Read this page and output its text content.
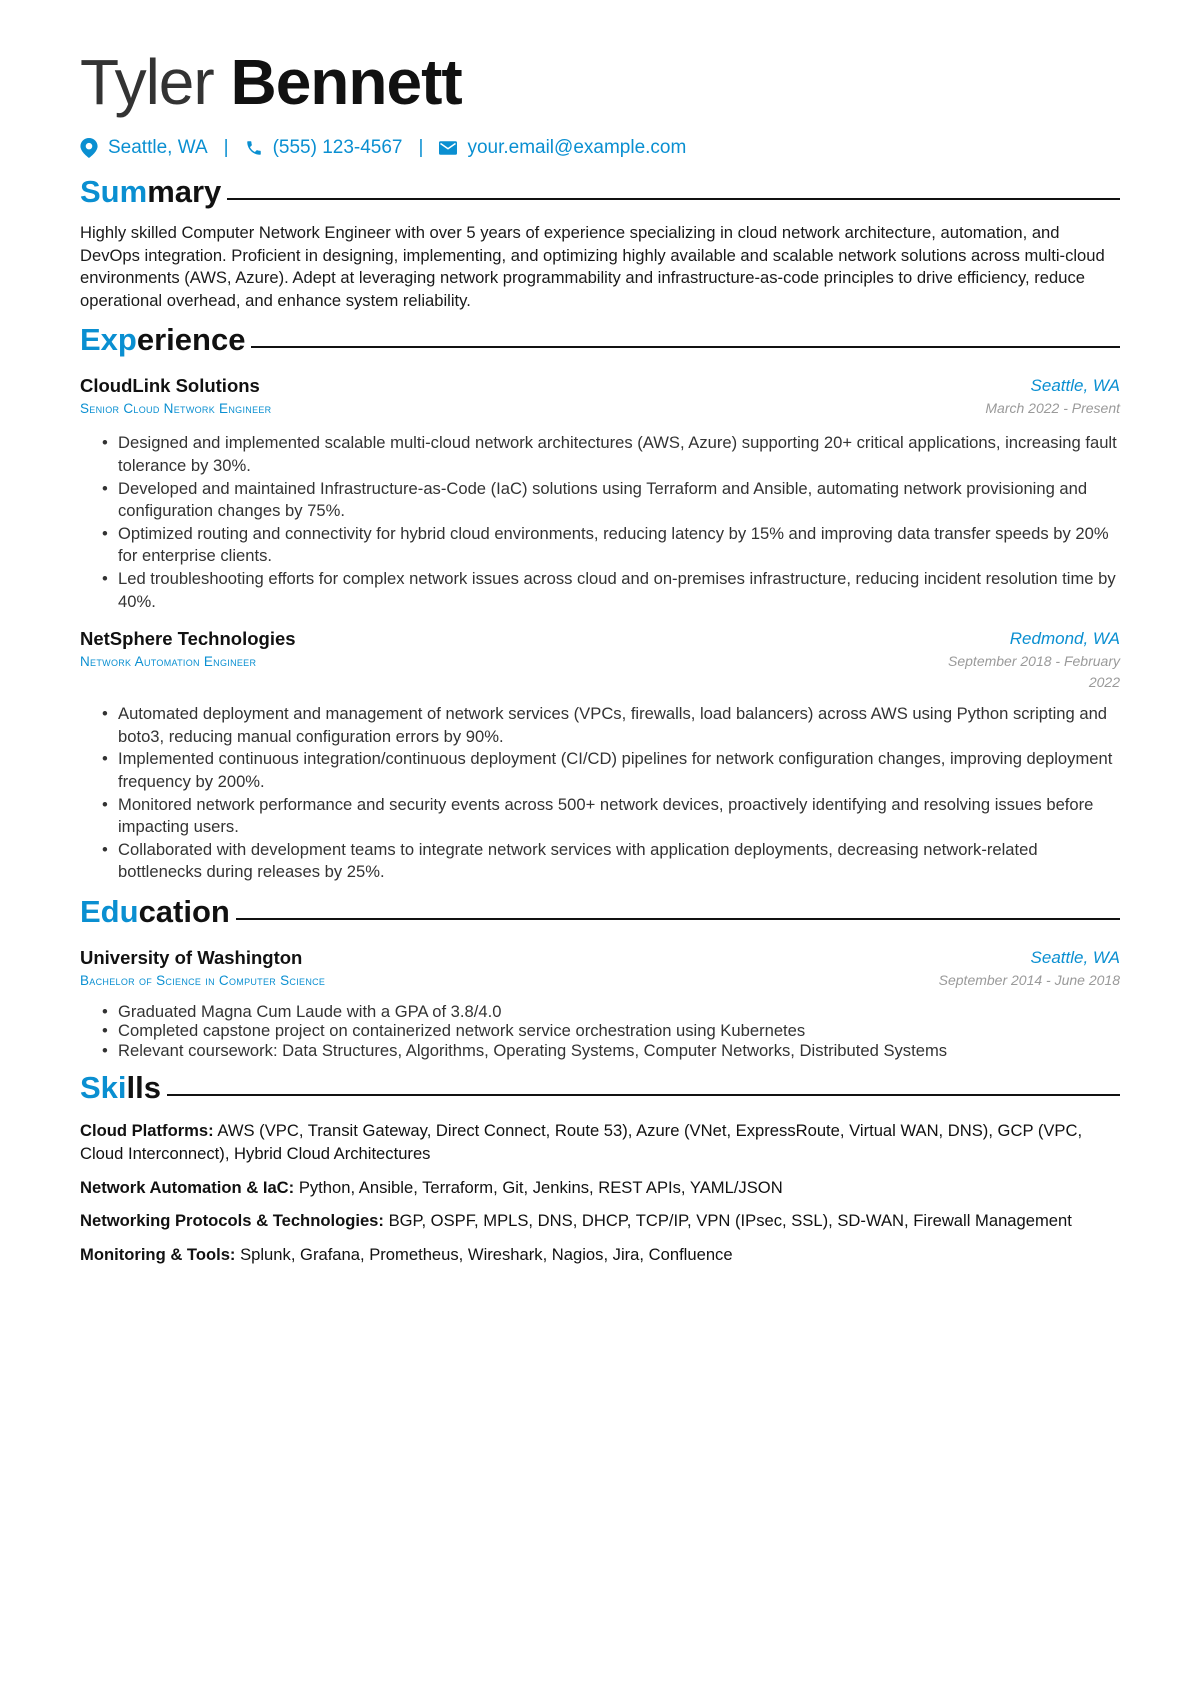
Tyler Bennett
Seattle, WA | (555) 123-4567 | your.email@example.com
Sum mary
Highly skilled Computer Network Engineer with over 5 years of experience specializing in cloud network architecture, automation, and DevOps integration. Proficient in designing, implementing, and optimizing highly available and scalable network solutions across multi-cloud environments (AWS, Azure). Adept at leveraging network programmability and infrastructure-as-code principles to drive efficiency, reduce operational overhead, and enhance system reliability.
Exp erience
CloudLink Solutions
Senior Cloud Network Engineer
Seattle, WA
March 2022 - Present
• Designed and implemented scalable multi-cloud network architectures (AWS, Azure) supporting 20+ critical applications, increasing fault tolerance by 30%.
• Developed and maintained Infrastructure-as-Code (IaC) solutions using Terraform and Ansible, automating network provisioning and configuration changes by 75%.
• Optimized routing and connectivity for hybrid cloud environments, reducing latency by 15% and improving data transfer speeds by 20% for enterprise clients.
• Led troubleshooting efforts for complex network issues across cloud and on-premises infrastructure, reducing incident resolution time by 40%.
NetSphere Technologies
Network Automation Engineer
Redmond, WA
September 2018 - February 2022
• Automated deployment and management of network services (VPCs, firewalls, load balancers) across AWS using Python scripting and boto3, reducing manual configuration errors by 90%.
• Implemented continuous integration/continuous deployment (CI/CD) pipelines for network configuration changes, improving deployment frequency by 200%.
• Monitored network performance and security events across 500+ network devices, proactively identifying and resolving issues before impacting users.
• Collaborated with development teams to integrate network services with application deployments, decreasing network-related bottlenecks during releases by 25%.
Edu cation
University of Washington
Bachelor of Science in Computer Science
Seattle, WA
September 2014 - June 2018
• Graduated Magna Cum Laude with a GPA of 3.8/4.0
• Completed capstone project on containerized network service orchestration using Kubernetes
• Relevant coursework: Data Structures, Algorithms, Operating Systems, Computer Networks, Distributed Systems
Ski lls
Cloud Platforms: AWS (VPC, Transit Gateway, Direct Connect, Route 53), Azure (VNet, ExpressRoute, Virtual WAN, DNS), GCP (VPC, Cloud Interconnect), Hybrid Cloud Architectures
Network Automation & IaC: Python, Ansible, Terraform, Git, Jenkins, REST APIs, YAML/JSON
Networking Protocols & Technologies: BGP, OSPF, MPLS, DNS, DHCP, TCP/IP, VPN (IPsec, SSL), SD-WAN, Firewall Management
Monitoring & Tools: Splunk, Grafana, Prometheus, Wireshark, Nagios, Jira, Confluence
